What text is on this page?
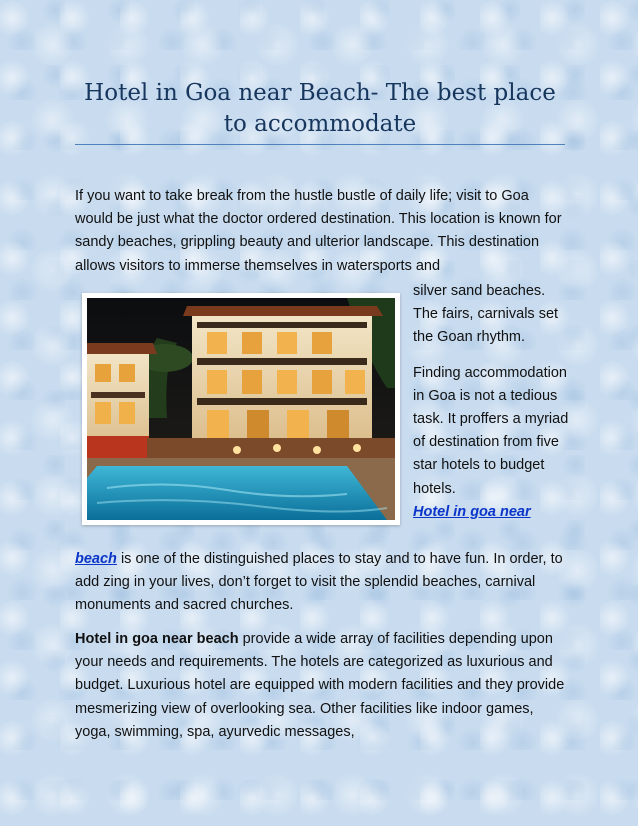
Hotel in Goa near Beach- The best place to accommodate
If you want to take break from the hustle bustle of daily life; visit to Goa would be just what the doctor ordered destination. This location is known for sandy beaches, grippling beauty and ulterior landscape. This destination allows visitors to immerse themselves in watersports and

silver sand beaches. The fairs, carnivals set the Goan rhythm.

Finding accommodation in Goa is not a tedious task. It proffers a myriad of destination from five star hotels to budget hotels.
Hotel in goa near

beach is one of the distinguished places to stay and to have fun. In order, to add zing in your lives, don’t forget to visit the splendid beaches, carnival monuments and sacred churches.
Hotel in goa near beach provide a wide array of facilities depending upon your needs and requirements. The hotels are categorized as luxurious and budget. Luxurious hotel are equipped with modern facilities and they provide mesmerizing view of overlooking sea. Other facilities like indoor games, yoga, swimming, spa, ayurvedic messages,
